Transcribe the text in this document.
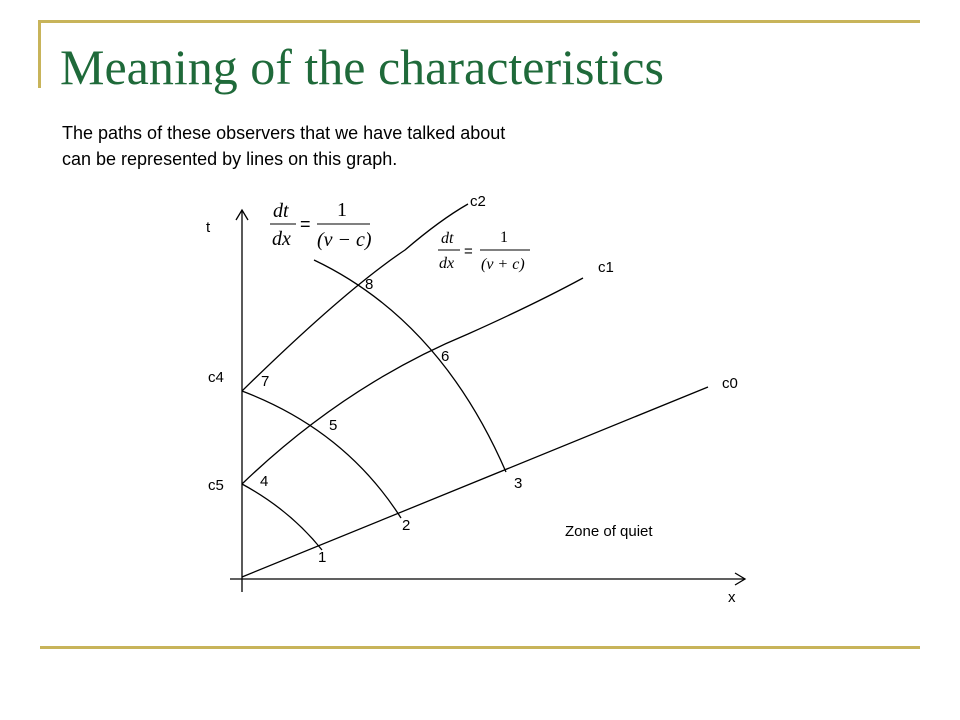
Meaning of the characteristics
The paths of these observers that we have talked about
can be represented by lines on this graph.
t
x
c0
c1
c2
c4
c5
1
2
3
4
5
6
7
8
Zone of quiet
dt
dx
=
1
(v − c)	dt
dx
=
1
(v + c)
